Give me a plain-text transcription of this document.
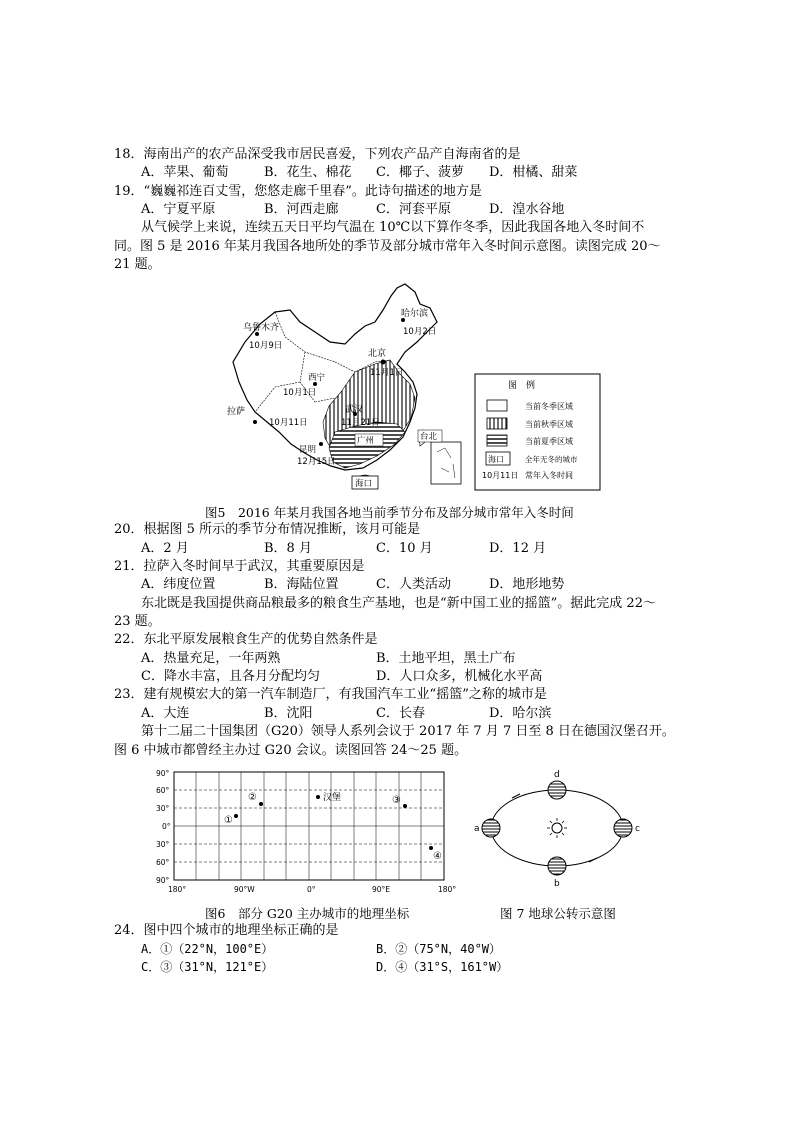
18．海南出产的农产品深受我市居民喜爱，下列农产品产自海南省的是
A．苹果、葡萄	B．花生、棉花 C．椰子、菠萝 D．柑橘、甜菜
19．“巍巍祁连百丈雪，您悠走廊千里春”。此诗句描述的地方是
A．宁夏平原	B．河西走廊	C．河套平原	D．湟水谷地
从气候学上来说，连续五天日平均气温在 10℃以下算作冬季，因此我国各地入冬时间不
同。图 5 是 2016 年某月我国各地所处的季节及部分城市常年入冬时间示意图。读图完成 20～
21 题。
乌鲁木齐
10月9日
哈尔滨
10月2日
北京
11月1日
西宁
10月1日
拉萨
10月11日
武汉
11月21日
昆明
12月15日
广州	台北
海口
图　例
当前冬季区域
当前秋季区域
当前夏季区域
海口	全年无冬的城市
10月11日 常年入冬时间
图5　2016 年某月我国各地当前季节分布及部分城市常年入冬时间
20．根据图 5 所示的季节分布情况推断，该月可能是
A．2 月	B．8 月	C．10 月	D．12 月
21．拉萨入冬时间早于武汉，其重要原因是
A．纬度位置	B．海陆位置	C．人类活动	D．地形地势
东北既是我国提供商品粮最多的粮食生产基地，也是“新中国工业的摇篮”。据此完成 22～
23 题。
22．东北平原发展粮食生产的优势自然条件是
A．热量充足，一年两熟	B．土地平坦，黑土广布
C．降水丰富，且各月分配均匀	D．人口众多，机械化水平高
23．建有规模宏大的第一汽车制造厂，有我国汽车工业“摇篮”之称的城市是
A．大连	B．沈阳	C．长春	D．哈尔滨
第十二届二十国集团（G20）领导人系列会议于 2017 年 7 月 7 日至 8 日在德国汉堡召开。
图 6 中城市都曾经主办过 G20 会议。读图回答 24～25 题。
90°
60°
30°
0°
30°
60°
90°
180°	90°W	0°	90°E	180°
①
②	汉堡	③
④
a
b
c
d
图6　部分 G20 主办城市的地理坐标	图 7 地球公转示意图
24．图中四个城市的地理坐标正确的是
A．①（22°N，100°E）	B．②（75°N，40°W）
C．③（31°N，121°E）	D．④（31°S，161°W）
